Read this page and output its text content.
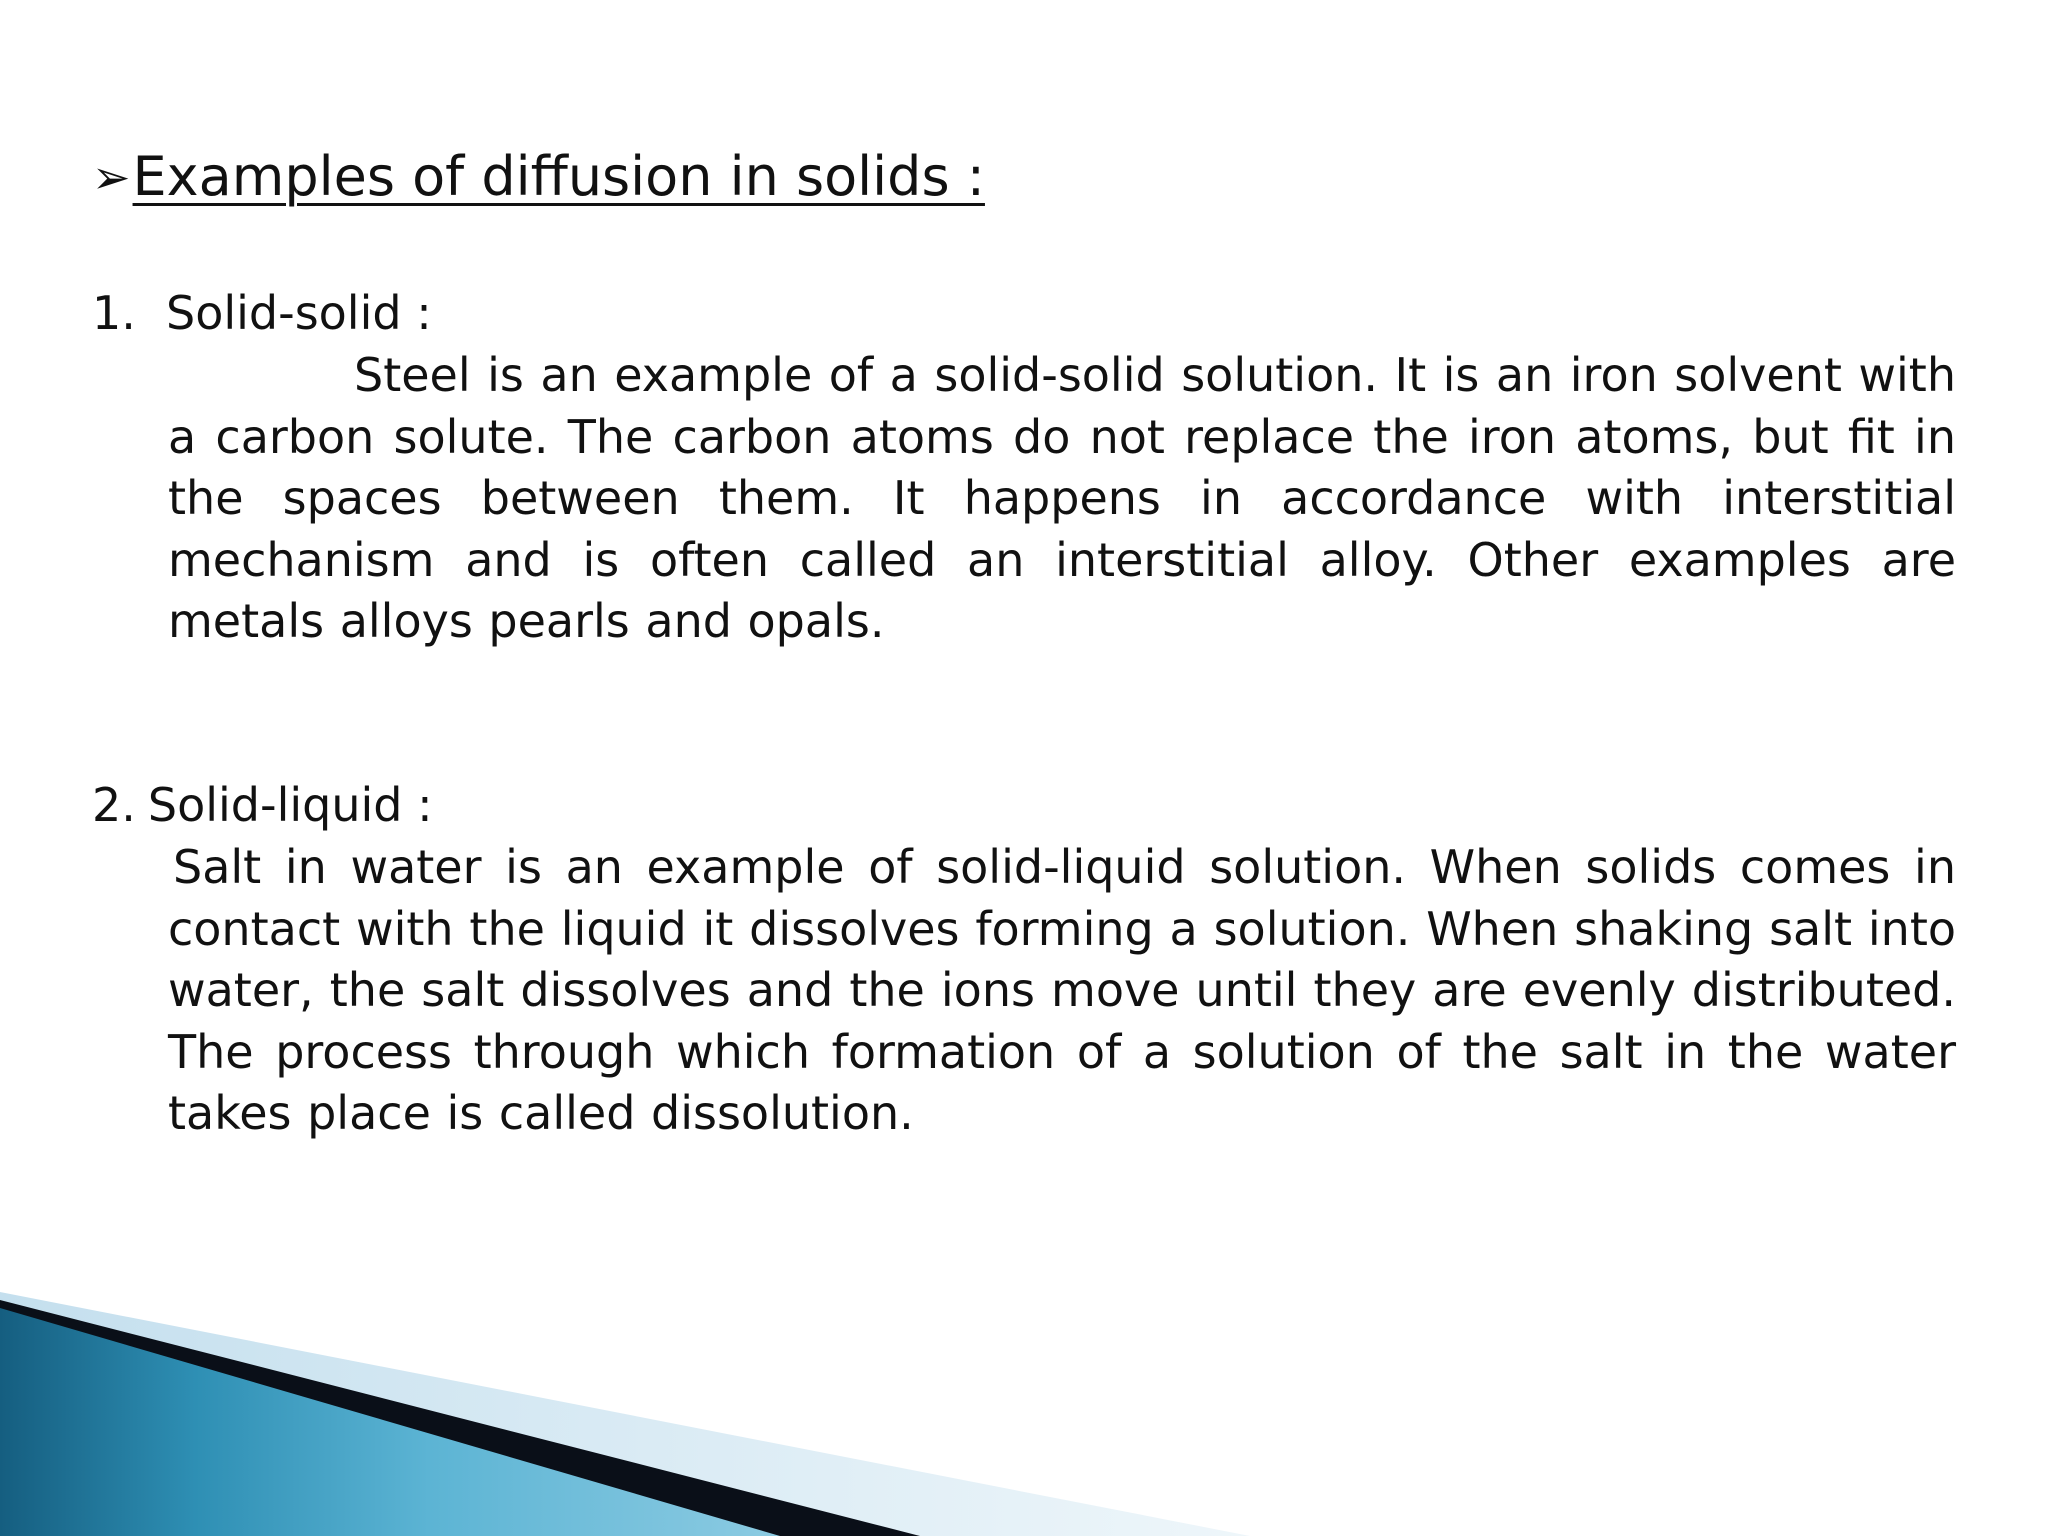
➢Examples of diffusion in solids :
1. Solid-solid :
Steel is an example of a solid-solid solution. It is an iron solvent with a carbon solute. The carbon atoms do not replace the iron atoms, but fit in the spaces between them. It happens in accordance with interstitial mechanism and is often called an interstitial alloy. Other examples are metals alloys pearls and opals.
2. Solid-liquid :
Salt in water is an example of solid-liquid solution. When solids comes in contact with the liquid it dissolves forming a solution. When shaking salt into water, the salt dissolves and the ions move until they are evenly distributed. The process through which formation of a solution of the salt in the water takes place is called dissolution.
